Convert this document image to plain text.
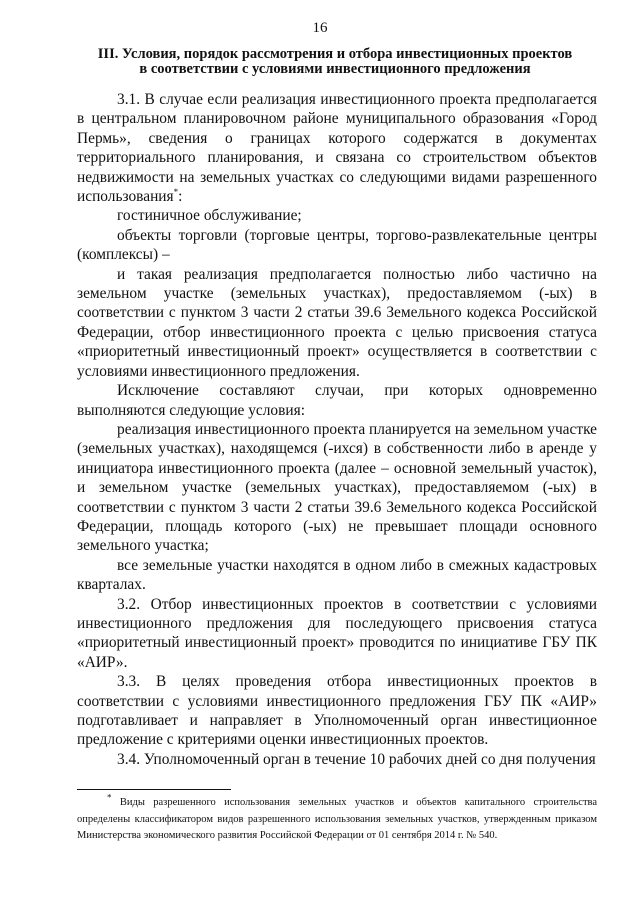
16
III. Условия, порядок рассмотрения и отбора инвестиционных проектов
в соответствии с условиями инвестиционного предложения

3.1. В случае если реализация инвестиционного проекта предполагается в центральном планировочном районе муниципального образования «Город Пермь», сведения о границах которого содержатся в документах территориального планирования, и связана со строительством объектов недвижимости на земельных участках со следующими видами разрешенного использования*:

гостиничное обслуживание;

объекты торговли (торговые центры, торгово-развлекательные центры (комплексы) –

и такая реализация предполагается полностью либо частично на земельном участке (земельных участках), предоставляемом (-ых) в соответствии с пунктом 3 части 2 статьи 39.6 Земельного кодекса Российской Федерации, отбор инвестиционного проекта с целью присвоения статуса «приоритетный инвестиционный проект» осуществляется в соответствии с условиями инвестиционного предложения.

Исключение составляют случаи, при которых одновременно выполняются следующие условия:

реализация инвестиционного проекта планируется на земельном участке (земельных участках), находящемся (-ихся) в собственности либо в аренде у инициатора инвестиционного проекта (далее – основной земельный участок), и земельном участке (земельных участках), предоставляемом (-ых) в соответствии с пунктом 3 части 2 статьи 39.6 Земельного кодекса Российской Федерации, площадь которого (-ых) не превышает площади основного земельного участка;

все земельные участки находятся в одном либо в смежных кадастровых кварталах.

3.2. Отбор инвестиционных проектов в соответствии с условиями инвестиционного предложения для последующего присвоения статуса «приоритетный инвестиционный проект» проводится по инициативе ГБУ ПК «АИР».

3.3. В целях проведения отбора инвестиционных проектов в соответствии с условиями инвестиционного предложения ГБУ ПК «АИР» подготавливает и направляет в Уполномоченный орган инвестиционное предложение с критериями оценки инвестиционных проектов.

3.4. Уполномоченный орган в течение 10 рабочих дней со дня получения

* Виды разрешенного использования земельных участков и объектов капитального строительства определены классификатором видов разрешенного использования земельных участков, утвержденным приказом Министерства экономического развития Российской Федерации от 01 сентября 2014 г. № 540.
